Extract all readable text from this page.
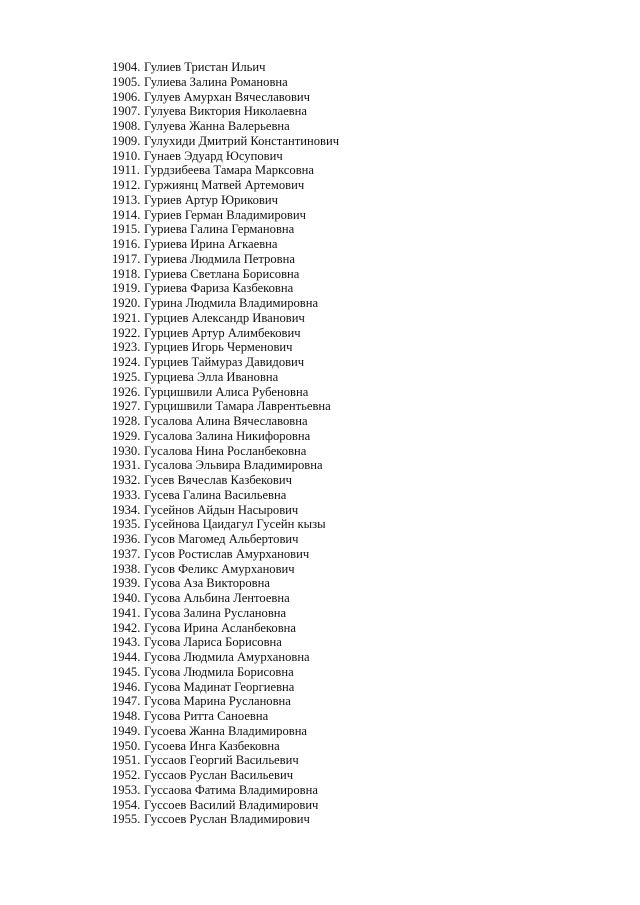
1904. Гулиев Тристан Ильич
1905. Гулиева Залина Романовна
1906. Гулуев Амурхан Вячеславович
1907. Гулуева Виктория Николаевна
1908. Гулуева Жанна Валерьевна
1909. Гулухиди Дмитрий Константинович
1910. Гунаев Эдуард Юсупович
1911. Гурдзибеева Тамара Марксовна
1912. Гуржиянц Матвей Артемович
1913. Гуриев Артур Юрикович
1914. Гуриев Герман Владимирович
1915. Гуриева Галина Германовна
1916. Гуриева Ирина Агкаевна
1917. Гуриева Людмила Петровна
1918. Гуриева Светлана Борисовна
1919. Гуриева Фариза Казбековна
1920. Гурина Людмила Владимировна
1921. Гурциев Александр Иванович
1922. Гурциев Артур Алимбекович
1923. Гурциев Игорь Черменович
1924. Гурциев Таймураз Давидович
1925. Гурциева Элла Ивановна
1926. Гурцишвили Алиса Рубеновна
1927. Гурцишвили Тамара Лаврентьевна
1928. Гусалова Алина Вячеславовна
1929. Гусалова Залина Никифоровна
1930. Гусалова Нина Росланбековна
1931. Гусалова Эльвира Владимировна
1932. Гусев Вячеслав Казбекович
1933. Гусева Галина Васильевна
1934. Гусейнов Айдын Насырович
1935. Гусейнова Цаидагул Гусейн кызы
1936. Гусов Магомед Альбертович
1937. Гусов Ростислав Амурханович
1938. Гусов Феликс Амурханович
1939. Гусова Аза Викторовна
1940. Гусова Альбина Лентоевна
1941. Гусова Залина Руслановна
1942. Гусова Ирина Асланбековна
1943. Гусова Лариса Борисовна
1944. Гусова Людмила Амурхановна
1945. Гусова Людмила Борисовна
1946. Гусова Мадинат Георгиевна
1947. Гусова Марина Руслановна
1948. Гусова Ритта Саноевна
1949. Гусоева Жанна Владимировна
1950. Гусоева Инга Казбековна
1951. Гуссаов Георгий Васильевич
1952. Гуссаов Руслан Васильевич
1953. Гуссаова Фатима Владимировна
1954. Гуссоев Василий Владимирович
1955. Гуссоев Руслан Владимирович
